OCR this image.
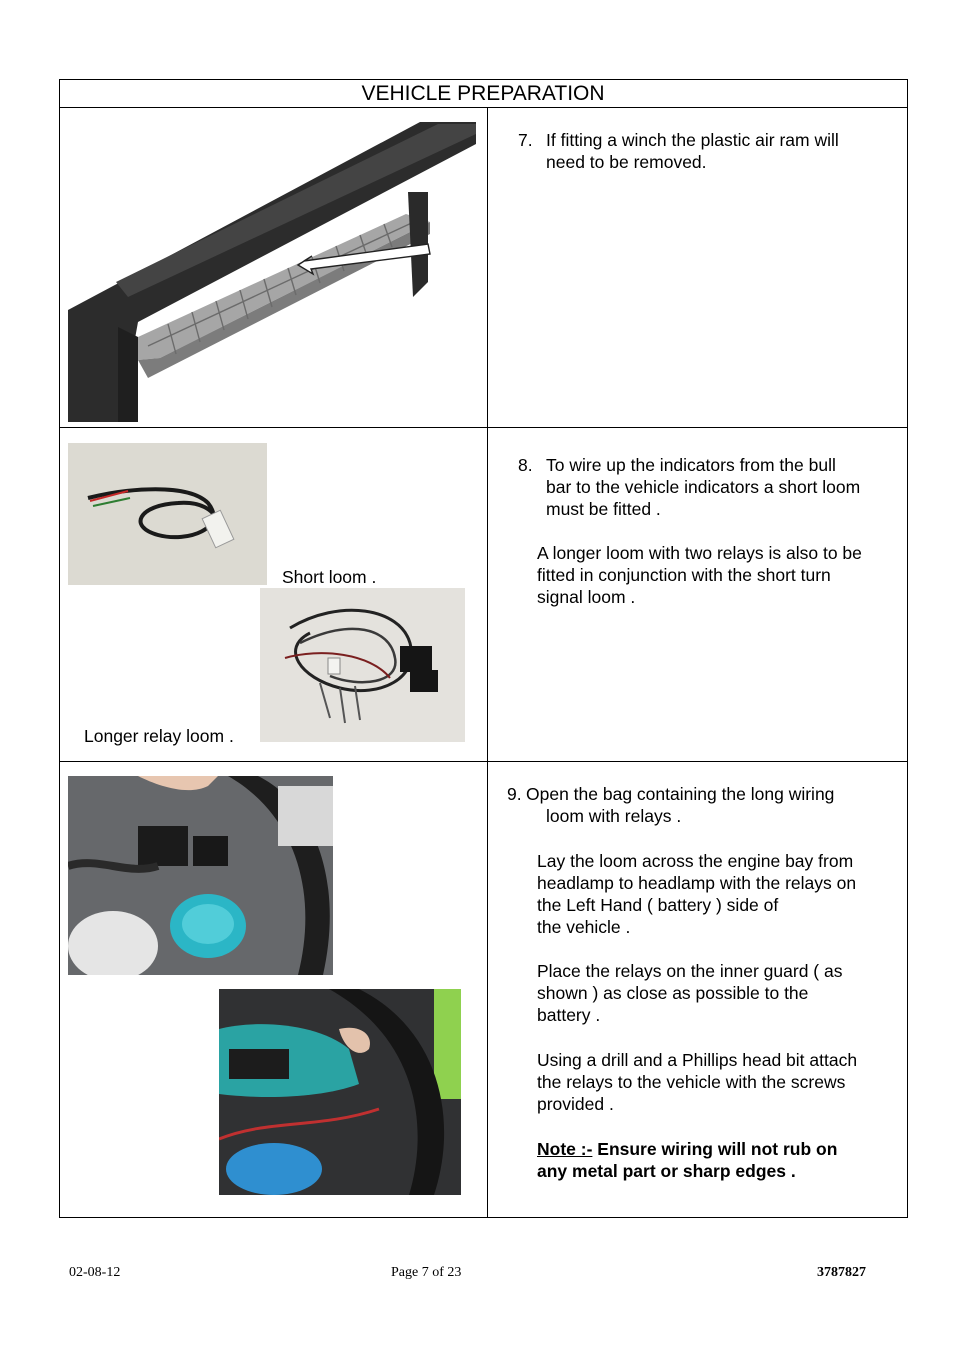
VEHICLE PREPARATION
7. If fitting a winch the plastic air ram will
need to be removed.
Short loom .
Longer relay loom .
8. To wire up the indicators from the bull
bar to the vehicle indicators a short loom
must be fitted .
A longer loom with two relays is also to be
fitted in conjunction with the short turn
signal loom .
9. Open the bag containing the long wiring
loom with relays .
Lay the loom across the engine bay from
headlamp to headlamp with the relays on
the Left Hand ( battery ) side of
the vehicle .
Place the relays on the inner guard ( as
shown ) as close as possible to the
battery .
Using a drill and a Phillips head bit attach
the relays to the vehicle with the screws
provided .
Note :- Ensure wiring will not rub on
any metal part or sharp edges .
02-08-12	Page 7 of 23	3787827
